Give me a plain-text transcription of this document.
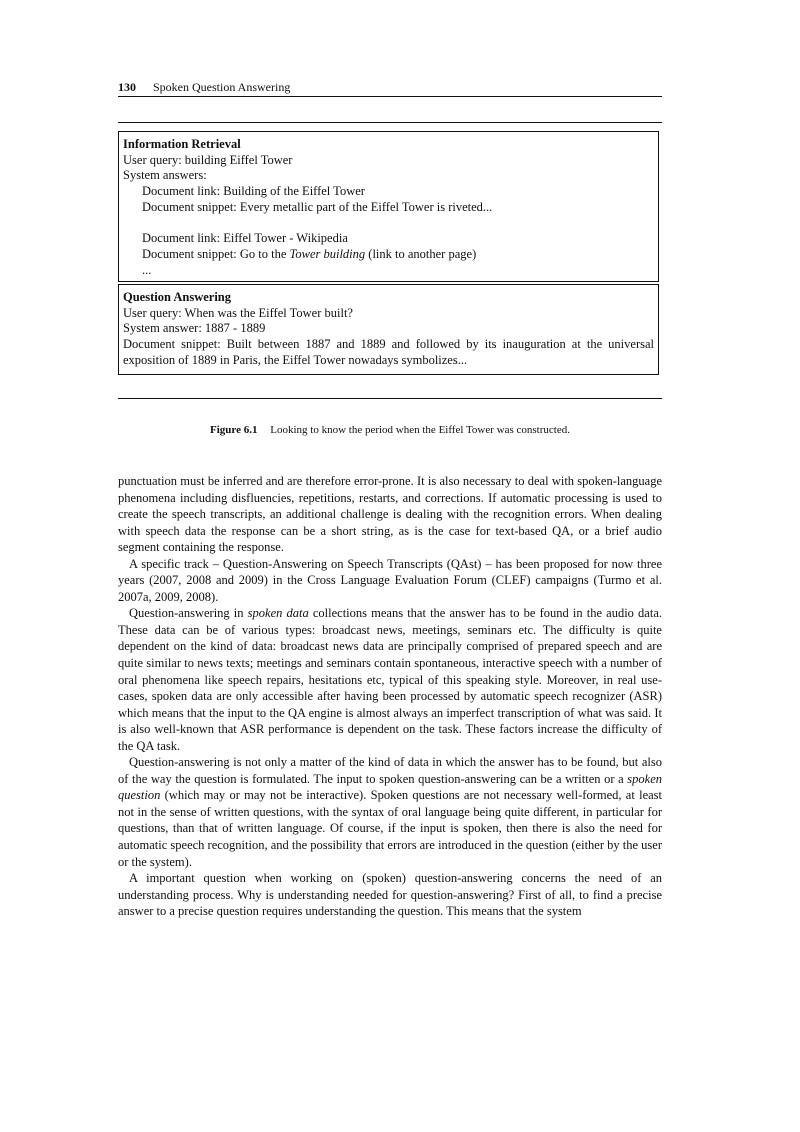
130 Spoken Question Answering
Information Retrieval
User query: building Eiffel Tower
System answers:
Document link: Building of the Eiffel Tower
Document snippet: Every metallic part of the Eiffel Tower is riveted...
Document link: Eiffel Tower - Wikipedia
Document snippet: Go to the Tower building (link to another page)
...
Question Answering
User query: When was the Eiffel Tower built?
System answer: 1887 - 1889
Document snippet: Built between 1887 and 1889 and followed by its inauguration at the universal exposition of 1889 in Paris, the Eiffel Tower nowadays symbolizes...
Figure 6.1 Looking to know the period when the Eiffel Tower was constructed.

punctuation must be inferred and are therefore error-prone. It is also necessary to deal with spoken-language phenomena including disfluencies, repetitions, restarts, and corrections. If automatic processing is used to create the speech transcripts, an additional challenge is dealing with the recognition errors. When dealing with speech data the response can be a short string, as is the case for text-based QA, or a brief audio segment containing the response.

A specific track – Question-Answering on Speech Transcripts (QAst) – has been proposed for now three years (2007, 2008 and 2009) in the Cross Language Evaluation Forum (CLEF) campaigns (Turmo et al. 2007a, 2009, 2008).

Question-answering in spoken data collections means that the answer has to be found in the audio data. These data can be of various types: broadcast news, meetings, seminars etc. The difficulty is quite dependent on the kind of data: broadcast news data are principally comprised of prepared speech and are quite similar to news texts; meetings and seminars contain spontaneous, interactive speech with a number of oral phenomena like speech repairs, hesitations etc, typical of this speaking style. Moreover, in real use-cases, spoken data are only accessible after having been processed by automatic speech recognizer (ASR) which means that the input to the QA engine is almost always an imperfect transcription of what was said. It is also well-known that ASR performance is dependent on the task. These factors increase the difficulty of the QA task.

Question-answering is not only a matter of the kind of data in which the answer has to be found, but also of the way the question is formulated. The input to spoken question-answering can be a written or a spoken question (which may or may not be interactive). Spoken questions are not necessary well-formed, at least not in the sense of written questions, with the syntax of oral language being quite different, in particular for questions, than that of written language. Of course, if the input is spoken, then there is also the need for automatic speech recognition, and the possibility that errors are introduced in the question (either by the user or the system).

A important question when working on (spoken) question-answering concerns the need of an understanding process. Why is understanding needed for question-answering? First of all, to find a precise answer to a precise question requires understanding the question. This means that the system
